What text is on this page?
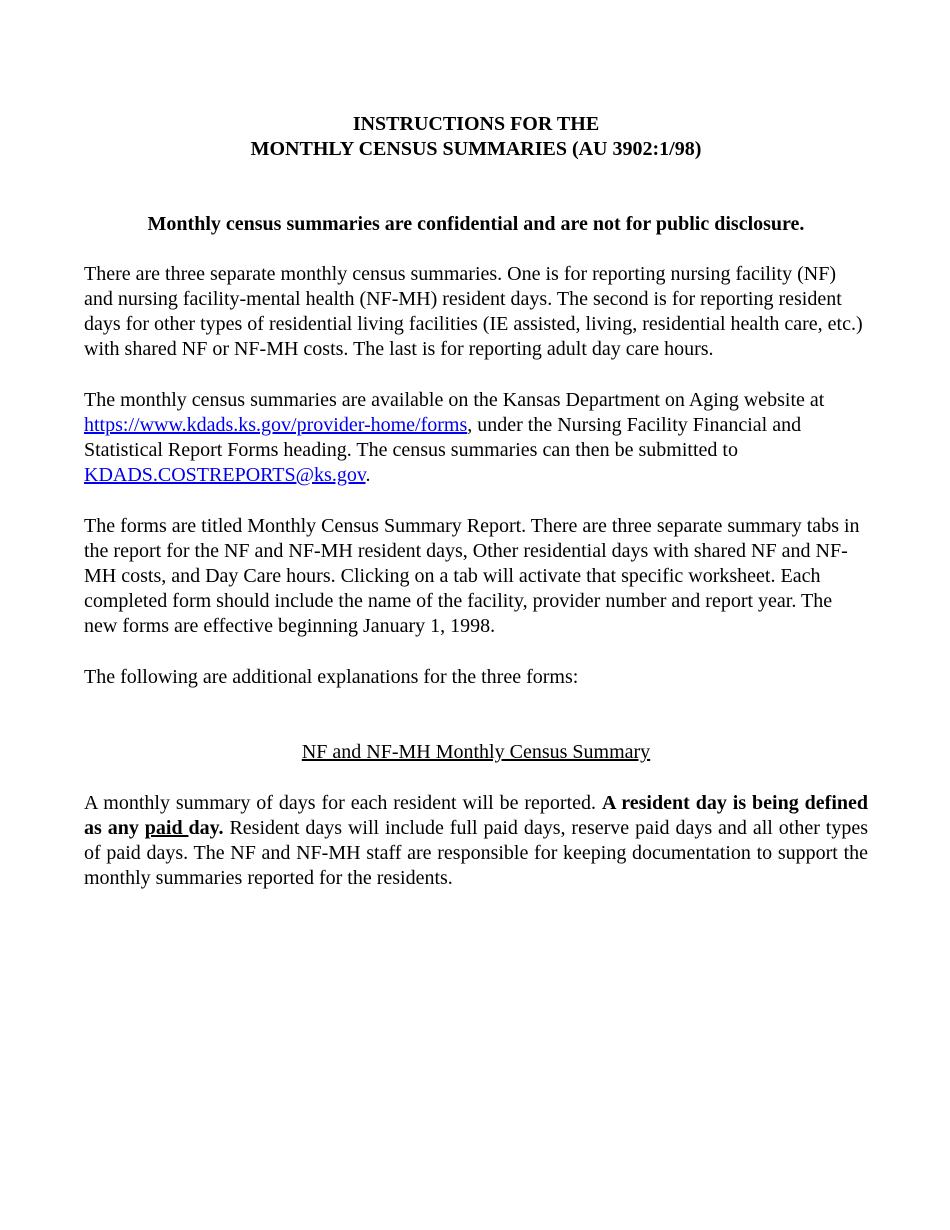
INSTRUCTIONS FOR THE
MONTHLY CENSUS SUMMARIES (AU 3902:1/98)

Monthly census summaries are confidential and are not for public disclosure.

There are three separate monthly census summaries. One is for reporting nursing facility (NF) and nursing facility-mental health (NF-MH) resident days. The second is for reporting resident days for other types of residential living facilities (IE assisted, living, residential health care, etc.) with shared NF or NF-MH costs. The last is for reporting adult day care hours.

The monthly census summaries are available on the Kansas Department on Aging website at https://www.kdads.ks.gov/provider-home/forms, under the Nursing Facility Financial and Statistical Report Forms heading. The census summaries can then be submitted to KDADS.COSTREPORTS@ks.gov.

The forms are titled Monthly Census Summary Report. There are three separate summary tabs in the report for the NF and NF-MH resident days, Other residential days with shared NF and NF-MH costs, and Day Care hours. Clicking on a tab will activate that specific worksheet. Each completed form should include the name of the facility, provider number and report year. The new forms are effective beginning January 1, 1998.

The following are additional explanations for the three forms:

NF and NF-MH Monthly Census Summary

A monthly summary of days for each resident will be reported. A resident day is being defined as any paid day. Resident days will include full paid days, reserve paid days and all other types of paid days. The NF and NF-MH staff are responsible for keeping documentation to support the monthly summaries reported for the residents.
